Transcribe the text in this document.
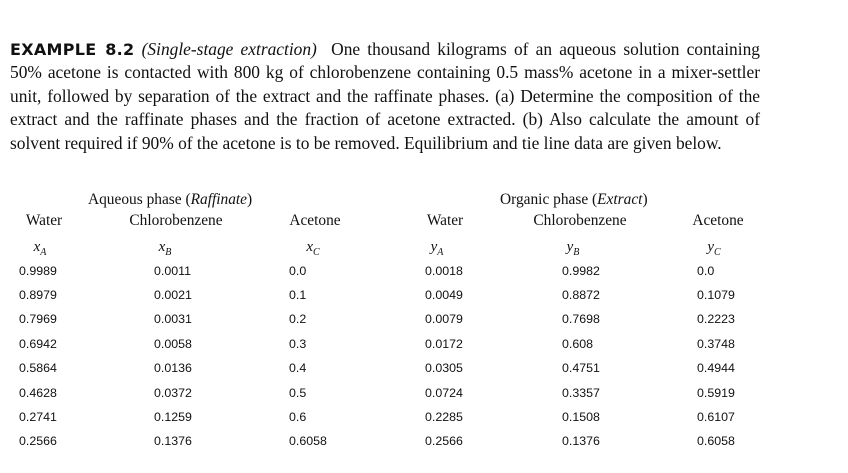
EXAMPLE 8.2 (Single-stage extraction) One thousand kilograms of an aqueous solution containing 50% acetone is contacted with 800 kg of chlorobenzene containing 0.5 mass% acetone in a mixer-settler unit, followed by separation of the extract and the raffinate phases. (a) Determine the composition of the extract and the raffinate phases and the fraction of acetone extracted. (b) Also calculate the amount of solvent required if 90% of the acetone is to be removed. Equilibrium and tie line data are given below.

Aqueous phase (Raffinate)	Organic phase (Extract)
Water	Chlorobenzene	Acetone	Water	Chlorobenzene	Acetone
$x_A$	$x_B$	$x_C$	$y_A$	$y_B$	$y_C$
0.9989	0.0011	0.0	0.0018	0.9982	0.0
0.8979	0.0021	0.1	0.0049	0.8872	0.1079
0.7969	0.0031	0.2	0.0079	0.7698	0.2223
0.6942	0.0058	0.3	0.0172	0.608	0.3748
0.5864	0.0136	0.4	0.0305	0.4751	0.4944
0.4628	0.0372	0.5	0.0724	0.3357	0.5919
0.2741	0.1259	0.6	0.2285	0.1508	0.6107
0.2566	0.1376	0.6058	0.2566	0.1376	0.6058
